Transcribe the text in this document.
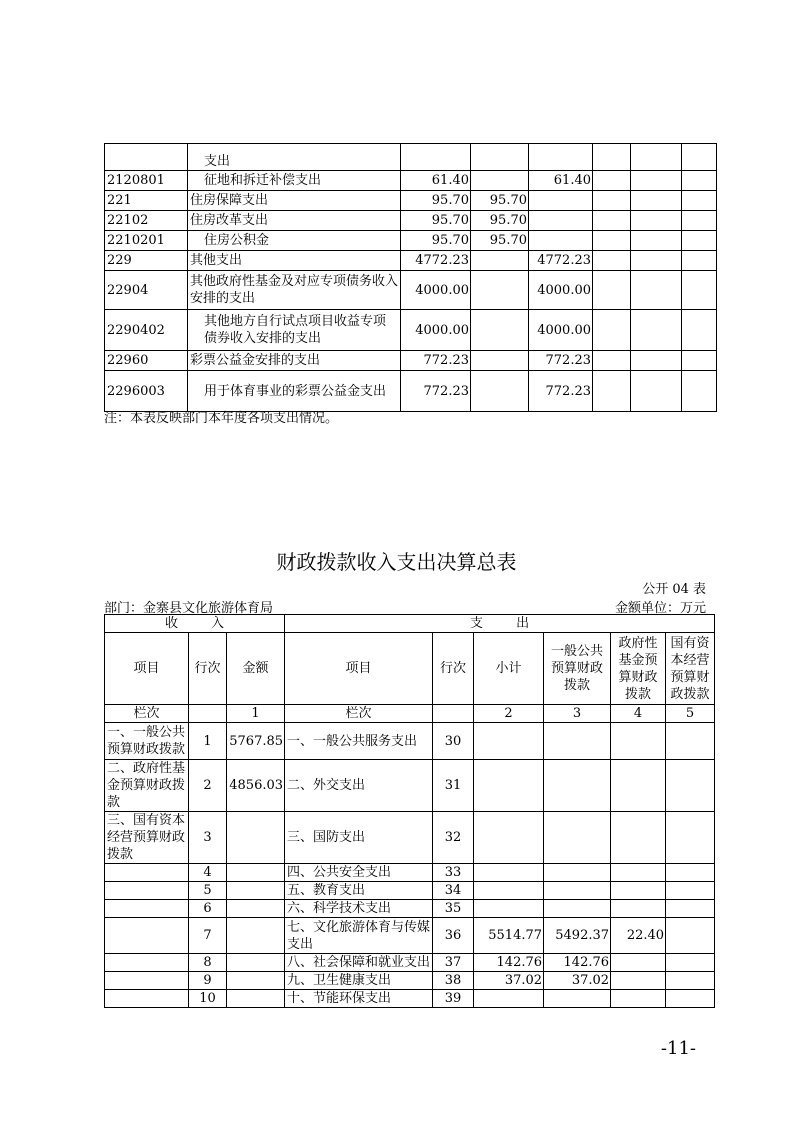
	支出						
2120801	征地和拆迁补偿支出	61.40		61.40			
221	住房保障支出	95.70	95.70				
22102	住房改革支出	95.70	95.70				
2210201	住房公积金	95.70	95.70				
229	其他支出	4772.23		4772.23			
22904	其他政府性基金及对应专项债务收入安排的支出	4000.00		4000.00			
2290402	其他地方自行试点项目收益专项债券收入安排的支出	4000.00		4000.00			
22960	彩票公益金安排的支出	772.23		772.23			
2296003	用于体育事业的彩票公益金支出	772.23		772.23			
注：本表反映部门本年度各项支出情况。
财政拨款收入支出决算总表
公开 04 表
部门：金寨县文化旅游体育局	金额单位：万元
收        入			支        出					
项目	行次	金额	项目	行次	小计	一般公共预算财政拨款	政府性基金预算财政拨款	国有资本经营预算财政拨款
栏次		1	栏次		2	3	4	5
一、一般公共预算财政拨款	1	5767.85	一、一般公共服务支出	30				
二、政府性基金预算财政拨款	2	4856.03	二、外交支出	31				
三、国有资本经营预算财政拨款	3		三、国防支出	32				
	4		四、公共安全支出	33				
	5		五、教育支出	34				
	6		六、科学技术支出	35				
	7		七、文化旅游体育与传媒支出	36	5514.77	5492.37	22.40	
	8		八、社会保障和就业支出	37	142.76	142.76		
	9		九、卫生健康支出	38	37.02	37.02		
	10		十、节能环保支出	39				
-11-
